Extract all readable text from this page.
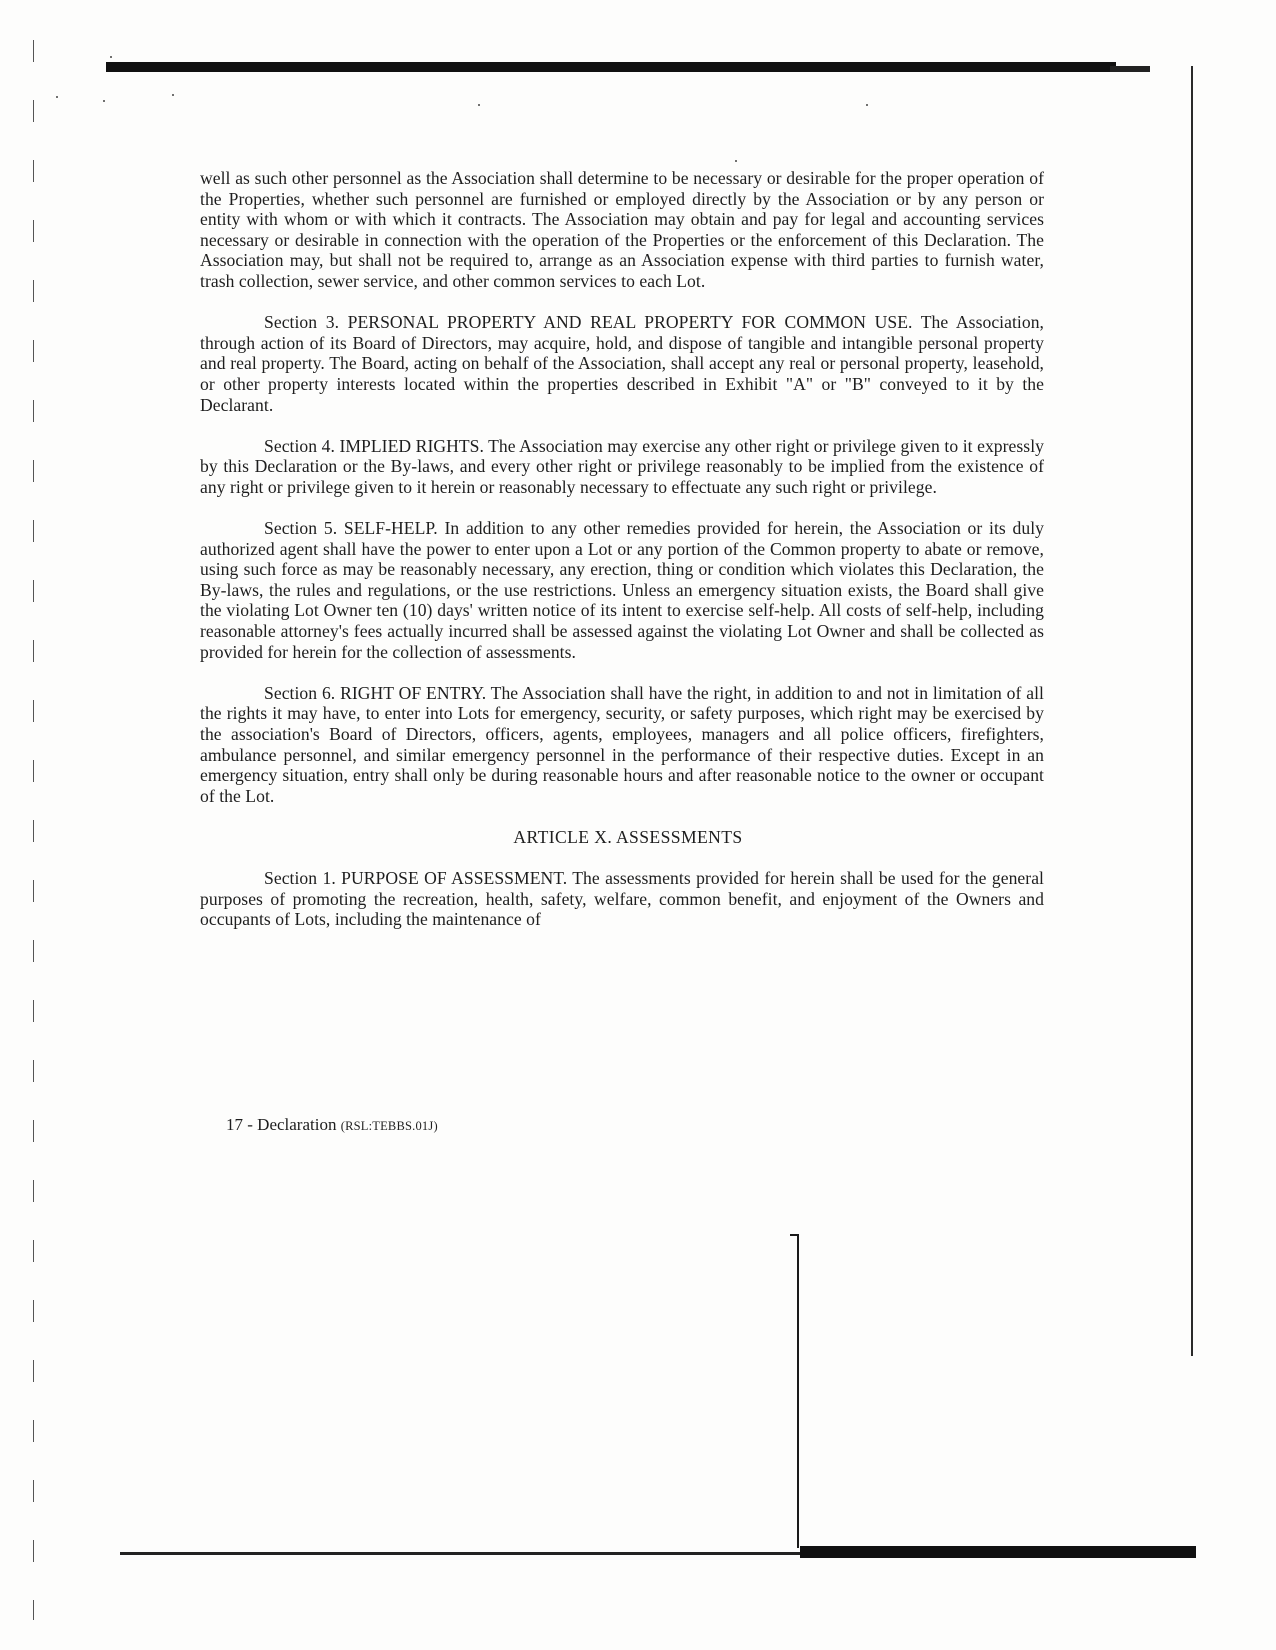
well as such other personnel as the Association shall determine to be necessary or desirable for the proper operation of the Properties, whether such personnel are furnished or employed directly by the Association or by any person or entity with whom or with which it contracts. The Association may obtain and pay for legal and accounting services necessary or desirable in connection with the operation of the Properties or the enforcement of this Declaration. The Association may, but shall not be required to, arrange as an Association expense with third parties to furnish water, trash collection, sewer service, and other common services to each Lot.

Section 3. PERSONAL PROPERTY AND REAL PROPERTY FOR COMMON USE. The Association, through action of its Board of Directors, may acquire, hold, and dispose of tangible and intangible personal property and real property. The Board, acting on behalf of the Association, shall accept any real or personal property, leasehold, or other property interests located within the properties described in Exhibit "A" or "B" conveyed to it by the Declarant.

Section 4. IMPLIED RIGHTS. The Association may exercise any other right or privilege given to it expressly by this Declaration or the By-laws, and every other right or privilege reasonably to be implied from the existence of any right or privilege given to it herein or reasonably necessary to effectuate any such right or privilege.

Section 5. SELF-HELP. In addition to any other remedies provided for herein, the Association or its duly authorized agent shall have the power to enter upon a Lot or any portion of the Common property to abate or remove, using such force as may be reasonably necessary, any erection, thing or condition which violates this Declaration, the By-laws, the rules and regulations, or the use restrictions. Unless an emergency situation exists, the Board shall give the violating Lot Owner ten (10) days' written notice of its intent to exercise self-help. All costs of self-help, including reasonable attorney's fees actually incurred shall be assessed against the violating Lot Owner and shall be collected as provided for herein for the collection of assessments.

Section 6. RIGHT OF ENTRY. The Association shall have the right, in addition to and not in limitation of all the rights it may have, to enter into Lots for emergency, security, or safety purposes, which right may be exercised by the association's Board of Directors, officers, agents, employees, managers and all police officers, firefighters, ambulance personnel, and similar emergency personnel in the performance of their respective duties. Except in an emergency situation, entry shall only be during reasonable hours and after reasonable notice to the owner or occupant of the Lot.

ARTICLE X. ASSESSMENTS

Section 1. PURPOSE OF ASSESSMENT. The assessments provided for herein shall be used for the general purposes of promoting the recreation, health, safety, welfare, common benefit, and enjoyment of the Owners and occupants of Lots, including the maintenance of

17 - Declaration (RSL:TEBBS.01J)
